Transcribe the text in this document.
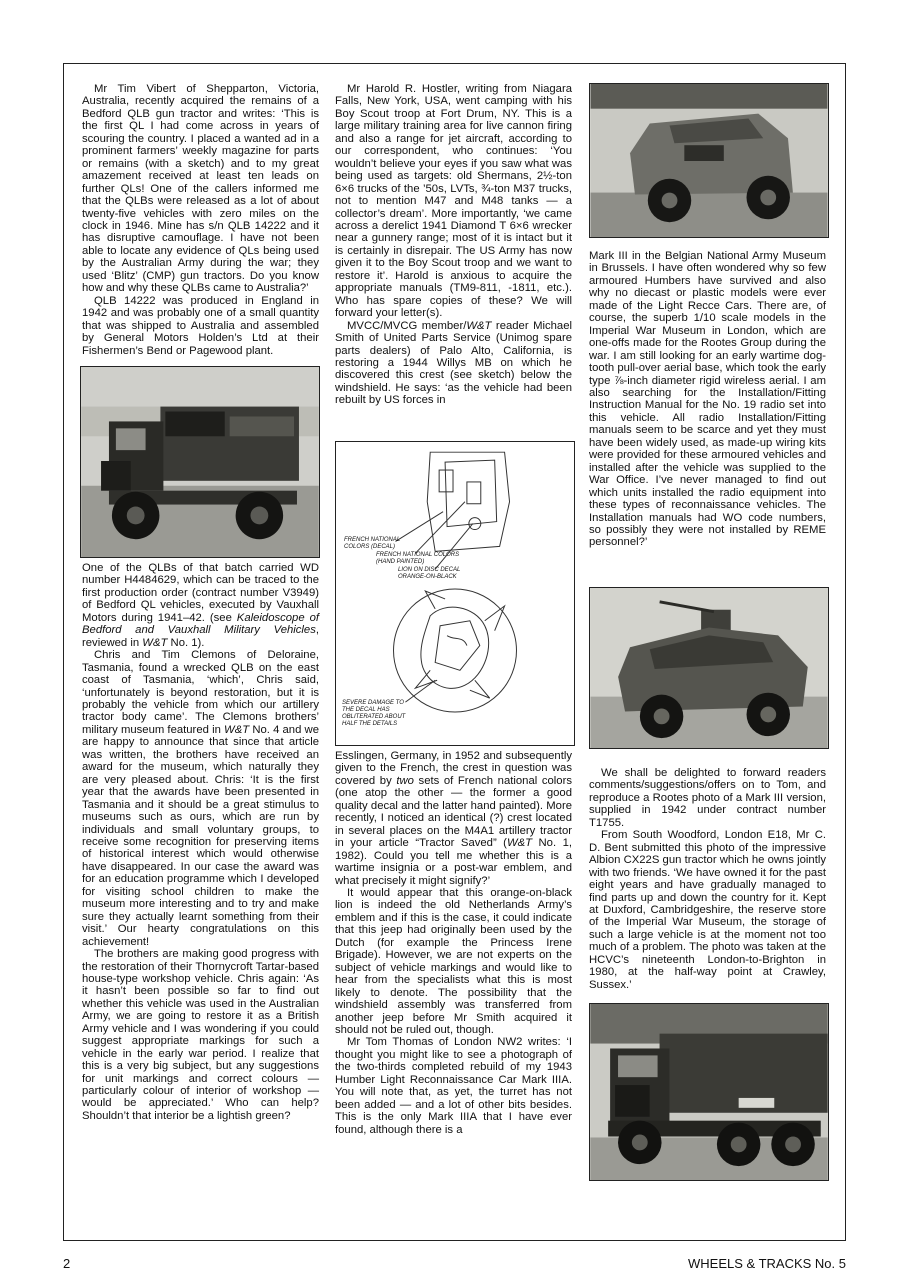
Mr Tim Vibert of Shepparton, Victoria, Australia, recently acquired the remains of a Bedford QLB gun tractor and writes: ‘This is the first QL I had come across in years of scouring the country. I placed a wanted ad in a prominent farmers’ weekly magazine for parts or remains (with a sketch) and to my great amazement received at least ten leads on further QLs! One of the callers informed me that the QLBs were released as a lot of about twenty-five vehicles with zero miles on the clock in 1946. Mine has s/n QLB 14222 and it has disruptive camouflage. I have not been able to locate any evidence of QLs being used by the Australian Army during the war; they used ‘Blitz’ (CMP) gun tractors. Do you know how and why these QLBs came to Australia?’

QLB 14222 was produced in England in 1942 and was probably one of a small quantity that was shipped to Australia and assembled by General Motors Holden’s Ltd at their Fishermen’s Bend or Pagewood plant.

One of the QLBs of that batch carried WD number H4484629, which can be traced to the first production order (contract number V3949) of Bedford QL vehicles, executed by Vauxhall Motors during 1941–42. (see Kaleidoscope of Bedford and Vauxhall Military Vehicles, reviewed in W&T No. 1).

Chris and Tim Clemons of Deloraine, Tasmania, found a wrecked QLB on the east coast of Tasmania, ‘which’, Chris said, ‘unfortunately is beyond restoration, but it is probably the vehicle from which our artillery tractor body came’. The Clemons brothers’ military museum featured in W&T No. 4 and we are happy to announce that since that article was written, the brothers have received an award for the museum, which naturally they are very pleased about. Chris: ‘It is the first year that the awards have been presented in Tasmania and it should be a great stimulus to museums such as ours, which are run by individuals and small voluntary groups, to receive some recognition for preserving items of historical interest which would otherwise have disappeared. In our case the award was for an education programme which I developed for visiting school children to make the museum more interesting and to try and make sure they actually learnt something from their visit.’ Our hearty congratulations on this achievement!

The brothers are making good progress with the restoration of their Thornycroft Tartar-based house-type workshop vehicle. Chris again: ‘As it hasn’t been possible so far to find out whether this vehicle was used in the Australian Army, we are going to restore it as a British Army vehicle and I was wondering if you could suggest appropriate markings for such a vehicle in the early war period. I realize that this is a very big subject, but any suggestions for unit markings and correct colours — particularly colour of interior of workshop — would be appreciated.’ Who can help? Shouldn’t that interior be a lightish green?

Mr Harold R. Hostler, writing from Niagara Falls, New York, USA, went camping with his Boy Scout troop at Fort Drum, NY. This is a large military training area for live cannon firing and also a range for jet aircraft, according to our correspondent, who continues: ‘You wouldn’t believe your eyes if you saw what was being used as targets: old Shermans, 2½-ton 6×6 trucks of the ’50s, LVTs, ¾-ton M37 trucks, not to mention M47 and M48 tanks — a collector’s dream’. More importantly, ‘we came across a derelict 1941 Diamond T 6×6 wrecker near a gunnery range; most of it is intact but it is certainly in disrepair. The US Army has now given it to the Boy Scout troop and we want to restore it’. Harold is anxious to acquire the appropriate manuals (TM9-811, -1811, etc.). Who has spare copies of these? We will forward your letter(s).

MVCC/MVCG member/W&T reader Michael Smith of United Parts Service (Unimog spare parts dealers) of Palo Alto, California, is restoring a 1944 Willys MB on which he discovered this crest (see sketch) below the windshield. He says: ‘as the vehicle had been rebuilt by US forces in

FRENCH NATIONAL COLORS (DECAL)
FRENCH NATIONAL COLORS (HAND PAINTED)
LION ON DISC DECAL ORANGE-ON-BLACK
SEVERE DAMAGE TO THE DECAL HAS OBLITERATED ABOUT HALF THE DETAILS

Esslingen, Germany, in 1952 and subsequently given to the French, the crest in question was covered by two sets of French national colors (one atop the other — the former a good quality decal and the latter hand painted). More recently, I noticed an identical (?) crest located in several places on the M4A1 artillery tractor in your article “Tractor Saved” (W&T No. 1, 1982). Could you tell me whether this is a wartime insignia or a post-war emblem, and what precisely it might signify?’

It would appear that this orange-on-black lion is indeed the old Netherlands Army’s emblem and if this is the case, it could indicate that this jeep had originally been used by the Dutch (for example the Princess Irene Brigade). However, we are not experts on the subject of vehicle markings and would like to hear from the specialists what this is most likely to denote. The possibility that the windshield assembly was transferred from another jeep before Mr Smith acquired it should not be ruled out, though.

Mr Tom Thomas of London NW2 writes: ‘I thought you might like to see a photograph of the two-thirds completed rebuild of my 1943 Humber Light Reconnaissance Car Mark IIIA. You will note that, as yet, the turret has not been added — and a lot of other bits besides. This is the only Mark IIIA that I have ever found, although there is a

Mark III in the Belgian National Army Museum in Brussels. I have often wondered why so few armoured Humbers have survived and also why no diecast or plastic models were ever made of the Light Recce Cars. There are, of course, the superb 1/10 scale models in the Imperial War Museum in London, which are one-offs made for the Rootes Group during the war. I am still looking for an early wartime dog-tooth pull-over aerial base, which took the early type ⅞-inch diameter rigid wireless aerial. I am also searching for the Installation/Fitting Instruction Manual for the No. 19 radio set into this vehicle. All radio Installation/Fitting manuals seem to be scarce and yet they must have been widely used, as made-up wiring kits were provided for these armoured vehicles and installed after the vehicle was supplied to the War Office. I’ve never managed to find out which units installed the radio equipment into these types of reconnaissance vehicles. The Installation manuals had WO code numbers, so possibly they were not installed by REME personnel?’

We shall be delighted to forward readers comments/suggestions/offers on to Tom, and reproduce a Rootes photo of a Mark III version, supplied in 1942 under contract number T1755.

From South Woodford, London E18, Mr C. D. Bent submitted this photo of the impressive Albion CX22S gun tractor which he owns jointly with two friends. ‘We have owned it for the past eight years and have gradually managed to find parts up and down the country for it. Kept at Duxford, Cambridgeshire, the reserve store of the Imperial War Museum, the storage of such a large vehicle is at the moment not too much of a problem. The photo was taken at the HCVC’s nineteenth London-to-Brighton in 1980, at the half-way point at Crawley, Sussex.’

2	WHEELS & TRACKS No. 5
